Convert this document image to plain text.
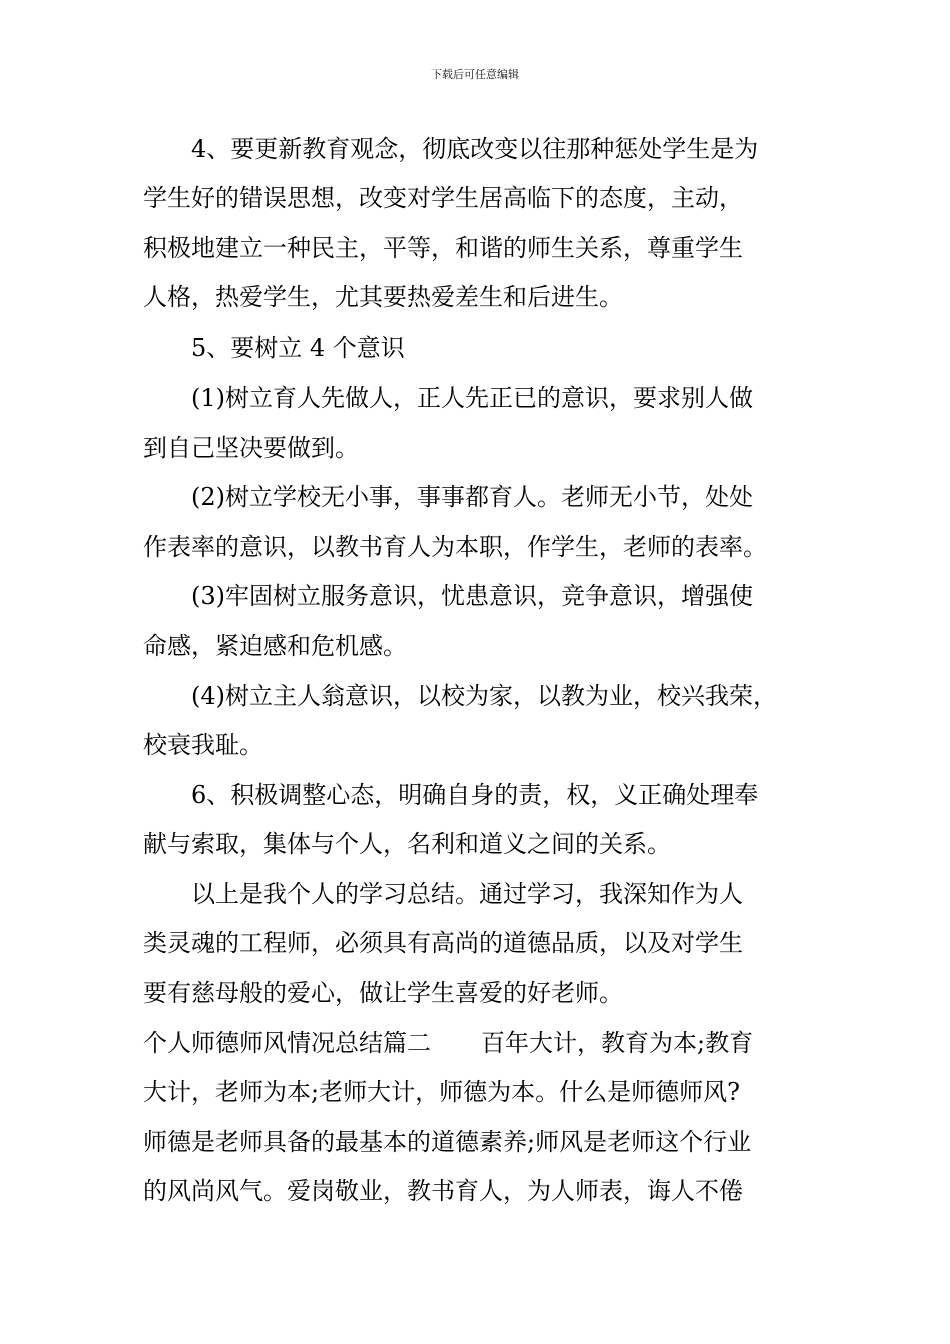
下载后可任意编辑
4、要更新教育观念，彻底改变以往那种惩处学生是为
学生好的错误思想，改变对学生居高临下的态度，主动，
积极地建立一种民主，平等，和谐的师生关系，尊重学生
人格，热爱学生，尤其要热爱差生和后进生。
5、要树立 4 个意识
(1)树立育人先做人，正人先正已的意识，要求别人做
到自己坚决要做到。
(2)树立学校无小事，事事都育人。老师无小节，处处
作表率的意识，以教书育人为本职，作学生，老师的表率。
(3)牢固树立服务意识，忧患意识，竞争意识，增强使
命感，紧迫感和危机感。
(4)树立主人翁意识，以校为家，以教为业，校兴我荣，
校衰我耻。
6、积极调整心态，明确自身的责，权，义正确处理奉
献与索取，集体与个人，名利和道义之间的关系。
以上是我个人的学习总结。通过学习，我深知作为人
类灵魂的工程师，必须具有高尚的道德品质，以及对学生
要有慈母般的爱心，做让学生喜爱的好老师。
个人师德师风情况总结篇二 百年大计，教育为本;教育
大计，老师为本;老师大计，师德为本。什么是师德师风?
师德是老师具备的最基本的道德素养;师风是老师这个行业
的风尚风气。爱岗敬业，教书育人，为人师表，诲人不倦
